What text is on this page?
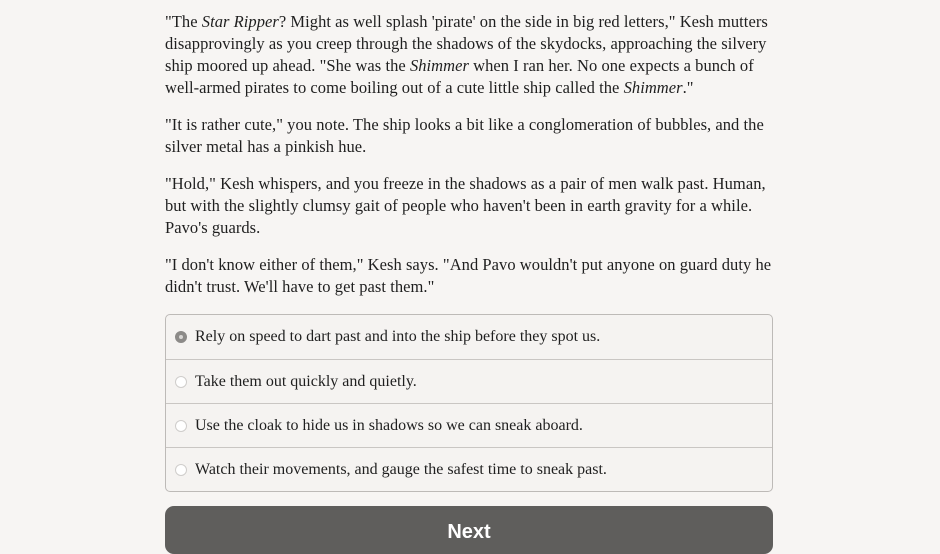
"The Star Ripper? Might as well splash 'pirate' on the side in big red letters," Kesh mutters disapprovingly as you creep through the shadows of the skydocks, approaching the silvery ship moored up ahead. "She was the Shimmer when I ran her. No one expects a bunch of well-armed pirates to come boiling out of a cute little ship called the Shimmer."

"It is rather cute," you note. The ship looks a bit like a conglomeration of bubbles, and the silver metal has a pinkish hue.

"Hold," Kesh whispers, and you freeze in the shadows as a pair of men walk past. Human, but with the slightly clumsy gait of people who haven't been in earth gravity for a while. Pavo's guards.

"I don't know either of them," Kesh says. "And Pavo wouldn't put anyone on guard duty he didn't trust. We'll have to get past them."

Rely on speed to dart past and into the ship before they spot us.
Take them out quickly and quietly.
Use the cloak to hide us in shadows so we can sneak aboard.
Watch their movements, and gauge the safest time to sneak past.
Next
